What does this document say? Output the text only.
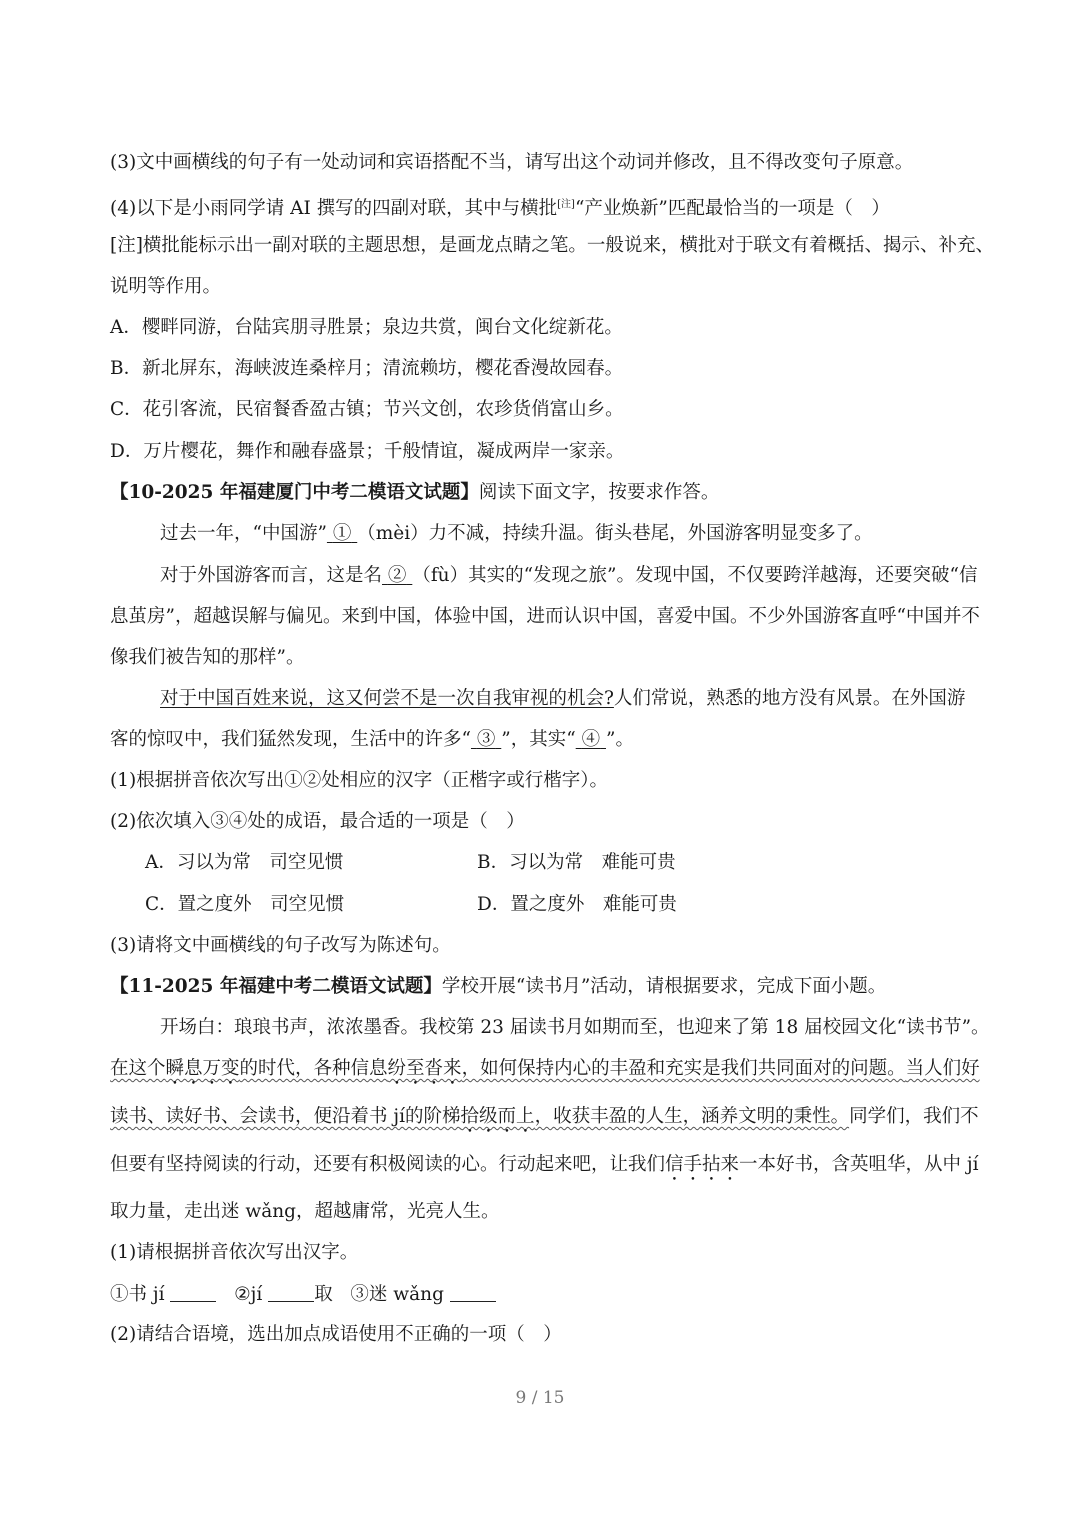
(3)文中画横线的句子有一处动词和宾语搭配不当，请写出这个动词并修改，且不得改变句子原意。
(4)以下是小雨同学请 AI 撰写的四副对联，其中与横批[注]“产业焕新”匹配最恰当的一项是（　）
[注]横批能标示出一副对联的主题思想，是画龙点睛之笔。一般说来，横批对于联文有着概括、揭示、补充、
说明等作用。
A．樱畔同游，台陆宾朋寻胜景；泉边共赏，闽台文化绽新花。
B．新北屏东，海峡波连桑梓月；清流赖坊，樱花香漫故园春。
C．花引客流，民宿餐香盈古镇；节兴文创，农珍货俏富山乡。
D．万片樱花，舞作和融春盛景；千般情谊，凝成两岸一家亲。
【10-2025 年福建厦门中考二模语文试题】阅读下面文字，按要求作答。
过去一年，“中国游” ① （mèi）力不减，持续升温。街头巷尾，外国游客明显变多了。
对于外国游客而言，这是名 ② （fù）其实的“发现之旅”。发现中国，不仅要跨洋越海，还要突破“信
息茧房”，超越误解与偏见。来到中国，体验中国，进而认识中国，喜爱中国。不少外国游客直呼“中国并不
像我们被告知的那样”。
对于中国百姓来说，这又何尝不是一次自我审视的机会?人们常说，熟悉的地方没有风景。在外国游
客的惊叹中，我们猛然发现，生活中的许多“ ③ ”，其实“ ④ ”。
(1)根据拼音依次写出①②处相应的汉字（正楷字或行楷字）。
(2)依次填入③④处的成语，最合适的一项是（　）
A．习以为常　司空见惯	B．习以为常　难能可贵
C．置之度外　司空见惯	D．置之度外　难能可贵
(3)请将文中画横线的句子改写为陈述句。
【11-2025 年福建中考二模语文试题】学校开展“读书月”活动，请根据要求，完成下面小题。
开场白：琅琅书声，浓浓墨香。我校第 23 届读书月如期而至，也迎来了第 18 届校园文化“读书节”。
在这个瞬息万变的时代，各种信息纷至沓来，如何保持内心的丰盈和充实是我们共同面对的问题。当人们好
读书、读好书、会读书，便沿着书 jí的阶梯拾级而上，收获丰盈的人生，涵养文明的秉性。同学们，我们不
但要有坚持阅读的行动，还要有积极阅读的心。行动起来吧，让我们信手拈来一本好书，含英咀华，从中 jí
取力量，走出迷 wǎng，超越庸常，光亮人生。
(1)请根据拼音依次写出汉字。
①书 jí	②jí	取 ③迷 wǎng
(2)请结合语境，选出加点成语使用不正确的一项（　）
9 / 15
